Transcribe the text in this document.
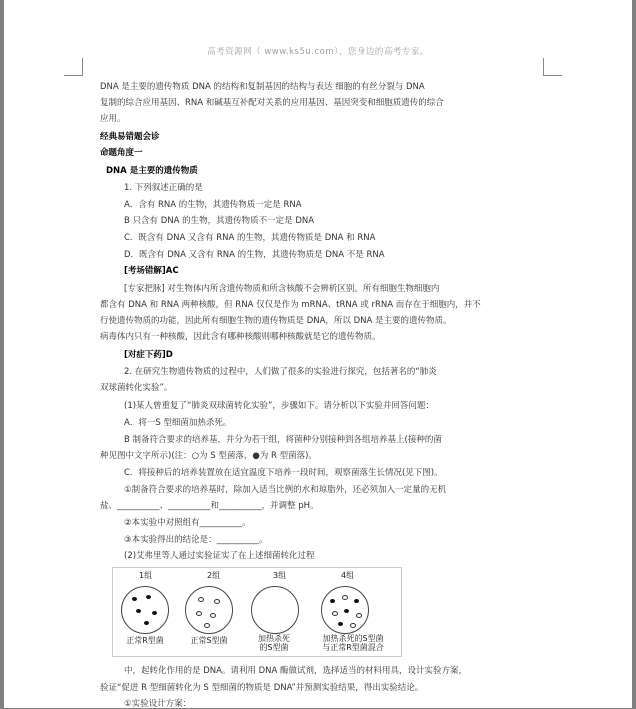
高考资源网（ www.ks5u.com），您身边的高考专家。
DNA 是主要的遗传物质 DNA 的结构和复制基因的结构与表达 细胞的有丝分裂与 DNA
复制的综合应用基因、RNA 和碱基互补配对关系的应用基因、基因突变和细胞质遗传的综合
应用。
经典易错题会诊
命题角度一
DNA 是主要的遗传物质
1. 下列叙述正确的是
A．含有 RNA 的生物，其遗传物质一定是 RNA
B 只含有 DNA 的生物，其遗传物质不一定是 DNA
C．既含有 DNA 又含有 RNA 的生物，其遗传物质是 DNA 和 RNA
D．既含有 DNA 又含有 RNA 的生物，其遗传物质是 DNA 不是 RNA
[考场错解]AC
[专家把脉] 对生物体内所含遗传物质和所含核酸不会辨析区别。所有细胞生物细胞内
都含有 DNA 和 RNA 两种核酸，但 RNA 仅仅是作为 mRNA、tRNA 或 rRNA 而存在于细胞内，并不
行使遗传物质的功能，因此所有细胞生物的遗传物质是 DNA，所以 DNA 是主要的遗传物质。
病毒体内只有一种核酸，因此含有哪种核酸则哪种核酸就是它的遗传物质。
[对症下药]D
2. 在研究生物遗传物质的过程中，人们做了很多的实验进行探究，包括著名的“肺炎
双球菌转化实验”。
(1)某人曾重复了“肺炎双球菌转化实验”，步骤如下。请分析以下实验并回答问题：
A．将一S 型细菌加热杀死。
B 制备符合要求的培养基，并分为若干组，将菌种分别接种到各组培养基上(接种的菌
种见图中文字所示)(注：○为 S 型菌落，●为 R 型菌落)。
C．将接种后的培养装置放在适宜温度下培养一段时间，观察菌落生长情况(见下图)。
①制备符合要求的培养基时，除加入适当比例的水和琼脂外，还必须加入一定量的无机
盐、__________、__________和__________，并调整 pH。
②本实验中对照组有__________。
③本实验得出的结论是：__________。
(2)艾弗里等人通过实验证实了在上述细菌转化过程
1组	2组	3组	4组
正常R型菌	正常S型菌	加热杀死
的S型菌
加热杀死的S型菌
与正常R型菌混合
中，起转化作用的是 DNA。请利用 DNA 酶做试剂，选择适当的材料用具，设计实验方案，
验证“促进 R 型细菌转化为 S 型细菌的物质是 DNA”并预测实验结果，得出实验结论。
①实验设计方案：
